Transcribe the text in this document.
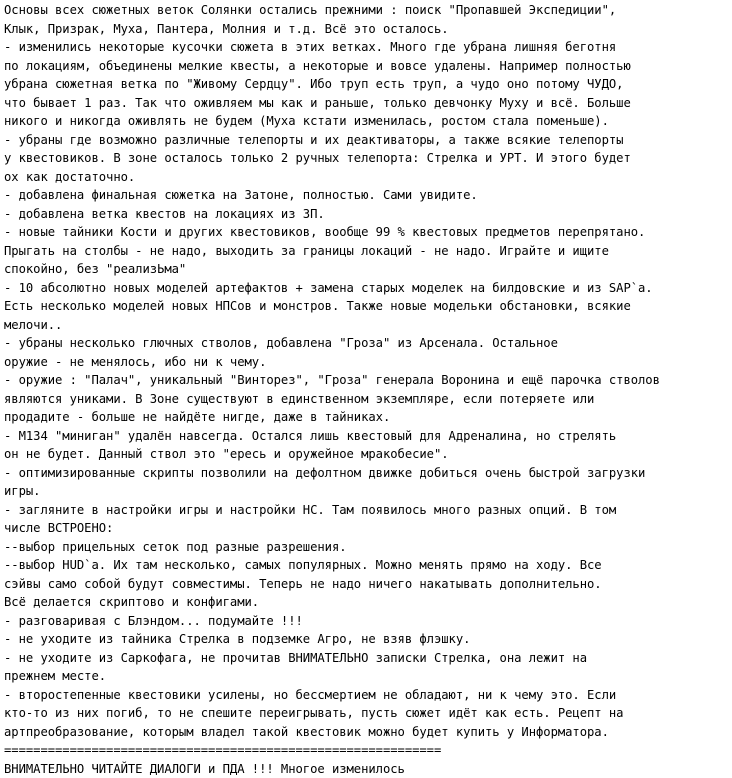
Основы всех сюжетных веток Солянки остались прежними : поиск "Пропавшей Экспедиции",
Клык, Призрак, Муха, Пантера, Молния и т.д. Всё это осталось.
- изменились некоторые кусочки сюжета в этих ветках. Много где убрана лишняя беготня
по локациям, объединены мелкие квесты, а некоторые и вовсе удалены. Например полностью
убрана сюжетная ветка по "Живому Сердцу". Ибо труп есть труп, а чудо оно потому ЧУДО,
что бывает 1 раз. Так что оживляем мы как и раньше, только девчонку Муху и всё. Больше
никого и никогда оживлять не будем (Муха кстати изменилась, ростом стала поменьше).
- убраны где возможно различные телепорты и их деактиваторы, а также всякие телепорты
у квестовиков. В зоне осталось только 2 ручных телепорта: Стрелка и УРТ. И этого будет
ох как достаточно.
- добавлена финальная сюжетка на Затоне, полностью. Сами увидите.
- добавлена ветка квестов на локациях из ЗП.
- новые тайники Кости и других квестовиков, вообще 99 % квестовых предметов перепрятано.
Прыгать на столбы - не надо, выходить за границы локаций - не надо. Играйте и ищите
спокойно, без "реализЬма"
- 10 абсолютно новых моделей артефактов + замена старых моделек на билдовские и из SAP`а.
Есть несколько моделей новых НПСов и монстров. Также новые модельки обстановки, всякие
мелочи..
- убраны несколько глючных стволов, добавлена "Гроза" из Арсенала. Остальное
оружие - не менялось, ибо ни к чему.
- оружие : "Палач", уникальный "Винторез", "Гроза" генерала Воронина и ещё парочка стволов
являются униками. В Зоне существуют в единственном экземпляре, если потеряете или
продадите - больше не найдёте нигде, даже в тайниках.
- М134 "миниган" удалён навсегда. Остался лишь квестовый для Адреналина, но стрелять
он не будет. Данный ствол это "ересь и оружейное мракобесие".
- оптимизированные скрипты позволили на дефолтном движке добиться очень быстрой загрузки
игры.
- загляните в настройки игры и настройки НС. Там появилось много разных опций. В том
числе ВСТРОЕНО:
--выбор прицельных сеток под разные разрешения.
--выбор HUD`а. Их там несколько, самых популярных. Можно менять прямо на ходу. Все
сэйвы само собой будут совместимы. Теперь не надо ничего накатывать дополнительно.
Всё делается скриптово и конфигами.
- разговаривая с Блэндом... подумайте !!!
- не уходите из тайника Стрелка в подземке Агро, не взяв флэшку.
- не уходите из Саркофага, не прочитав ВНИМАТЕЛЬНО записки Стрелка, она лежит на
прежнем месте.
- второстепенные квестовики усилены, но бессмертием не обладают, ни к чему это. Если
кто-то из них погиб, то не спешите переигрывать, пусть сюжет идёт как есть. Рецепт на
артпреобразование, которым владел такой квестовик можно будет купить у Информатора.
============================================================
ВНИМАТЕЛЬНО ЧИТАЙТЕ ДИАЛОГИ и ПДА !!! Многое изменилось
